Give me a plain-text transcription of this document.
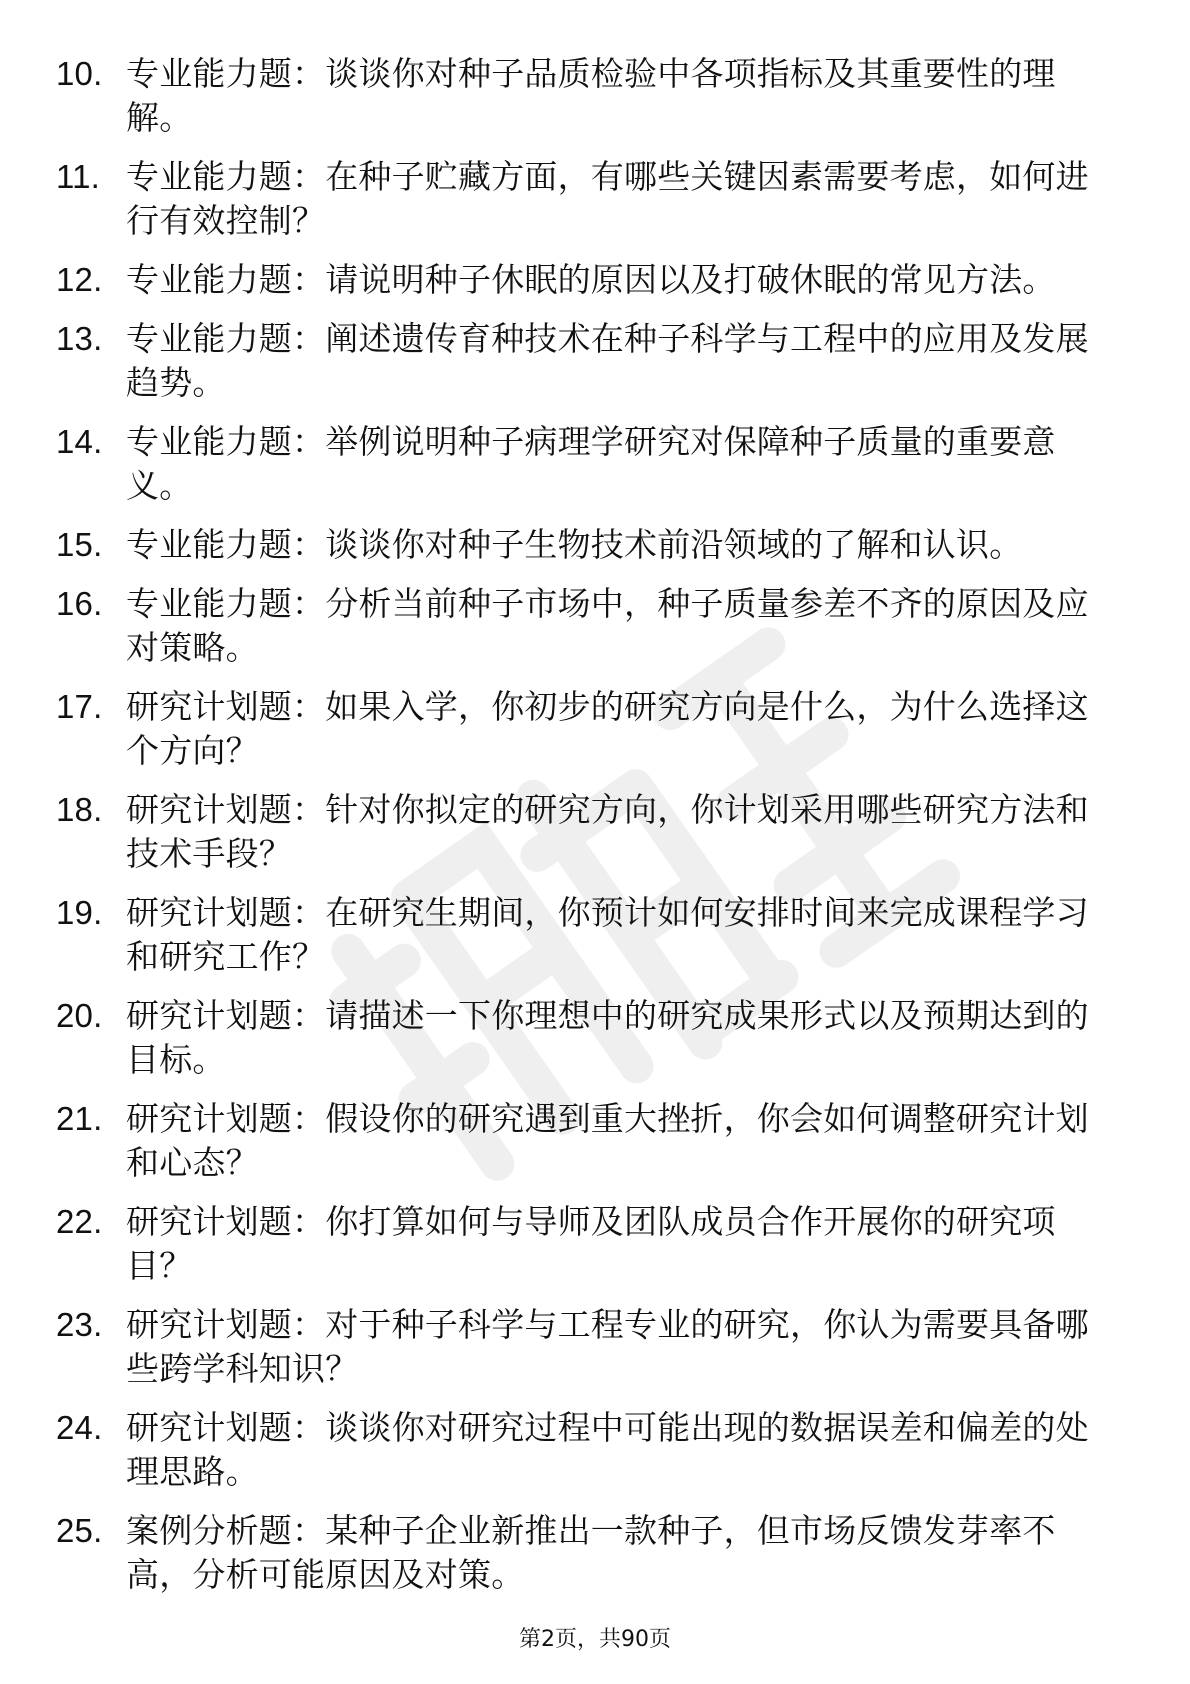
10. 专业能力题：谈谈你对种子品质检验中各项指标及其重要性的理解。
11. 专业能力题：在种子贮藏方面，有哪些关键因素需要考虑，如何进行有效控制？
12. 专业能力题：请说明种子休眠的原因以及打破休眠的常见方法。
13. 专业能力题：阐述遗传育种技术在种子科学与工程中的应用及发展趋势。
14. 专业能力题：举例说明种子病理学研究对保障种子质量的重要意义。
15. 专业能力题：谈谈你对种子生物技术前沿领域的了解和认识。
16. 专业能力题：分析当前种子市场中，种子质量参差不齐的原因及应对策略。
17. 研究计划题：如果入学，你初步的研究方向是什么，为什么选择这个方向？
18. 研究计划题：针对你拟定的研究方向，你计划采用哪些研究方法和技术手段？
19. 研究计划题：在研究生期间，你预计如何安排时间来完成课程学习和研究工作？
20. 研究计划题：请描述一下你理想中的研究成果形式以及预期达到的目标。
21. 研究计划题：假设你的研究遇到重大挫折，你会如何调整研究计划和心态？
22. 研究计划题：你打算如何与导师及团队成员合作开展你的研究项目？
23. 研究计划题：对于种子科学与工程专业的研究，你认为需要具备哪些跨学科知识？
24. 研究计划题：谈谈你对研究过程中可能出现的数据误差和偏差的处理思路。
25. 案例分析题：某种子企业新推出一款种子，但市场反馈发芽率不高，分析可能原因及对策。
第2页，共90页
